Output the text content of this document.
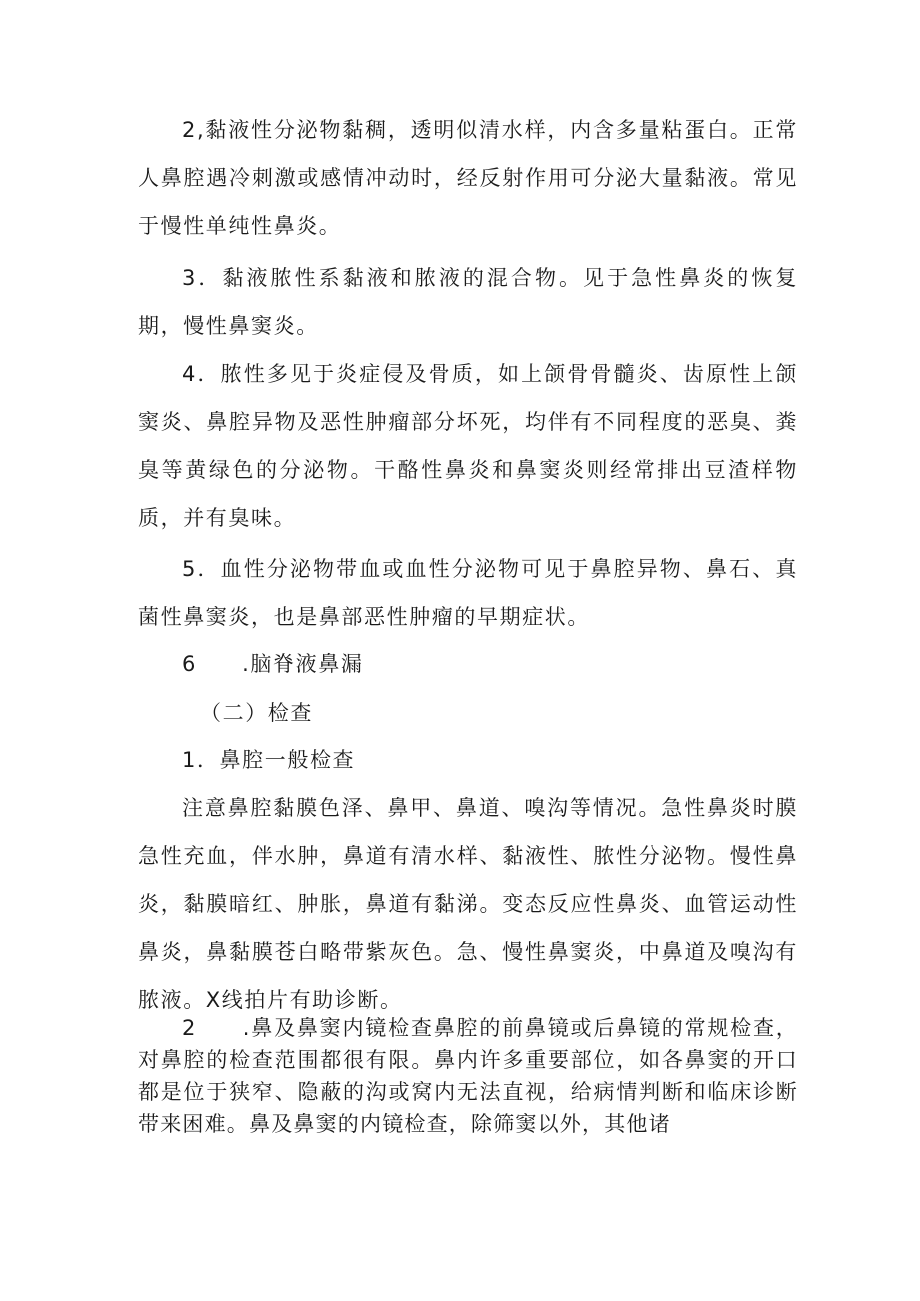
2,黏液性分泌物黏稠，透明似清水样，内含多量粘蛋白。正常人鼻腔遇冷刺激或感情冲动时，经反射作用可分泌大量黏液。常见于慢性单纯性鼻炎。

3．黏液脓性系黏液和脓液的混合物。见于急性鼻炎的恢复期，慢性鼻窦炎。

4．脓性多见于炎症侵及骨质，如上颌骨骨髓炎、齿原性上颌窦炎、鼻腔异物及恶性肿瘤部分坏死，均伴有不同程度的恶臭、粪臭等黄绿色的分泌物。干酪性鼻炎和鼻窦炎则经常排出豆渣样物质，并有臭味。

5．血性分泌物带血或血性分泌物可见于鼻腔异物、鼻石、真菌性鼻窦炎，也是鼻部恶性肿瘤的早期症状。

6　　.脑脊液鼻漏

（二）检查

1．鼻腔一般检查

注意鼻腔黏膜色泽、鼻甲、鼻道、嗅沟等情况。急性鼻炎时膜急性充血，伴水肿，鼻道有清水样、黏液性、脓性分泌物。慢性鼻炎，黏膜暗红、肿胀，鼻道有黏涕。变态反应性鼻炎、血管运动性鼻炎，鼻黏膜苍白略带紫灰色。急、慢性鼻窦炎，中鼻道及嗅沟有脓液。X线拍片有助诊断。

2　　.鼻及鼻窦内镜检查鼻腔的前鼻镜或后鼻镜的常规检查，对鼻腔的检查范围都很有限。鼻内许多重要部位，如各鼻窦的开口都是位于狭窄、隐蔽的沟或窝内无法直视，给病情判断和临床诊断带来困难。鼻及鼻窦的内镜检查，除筛窦以外，其他诸
